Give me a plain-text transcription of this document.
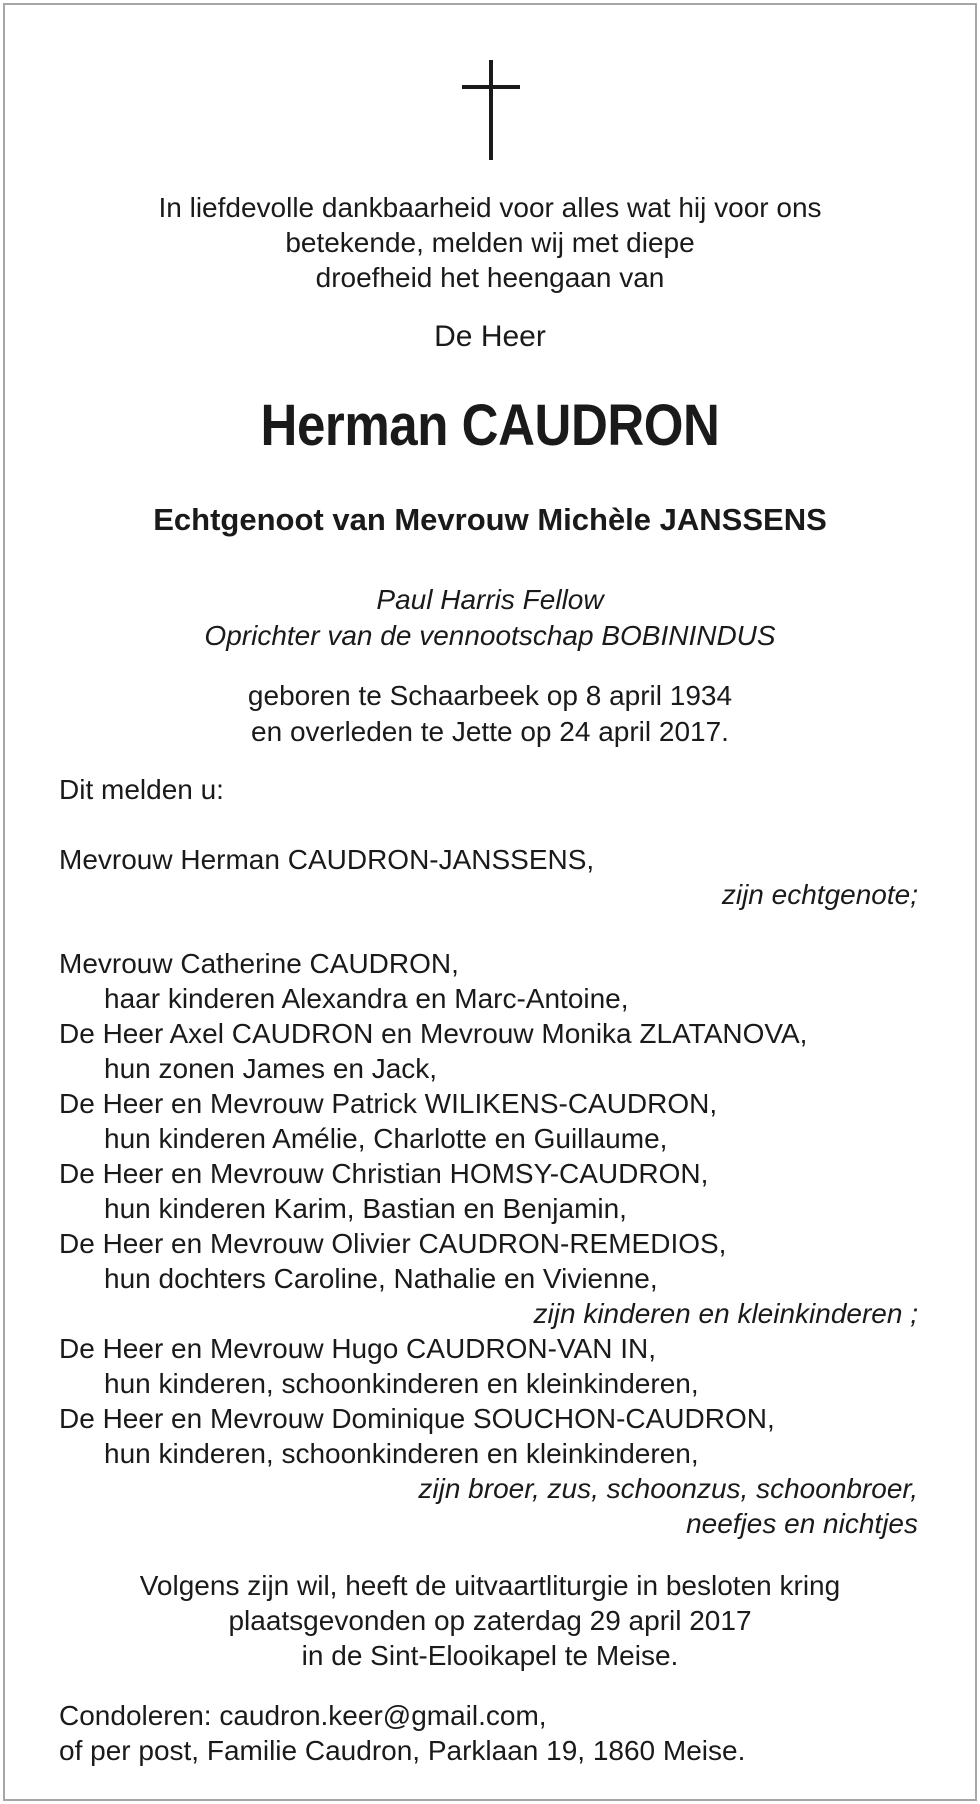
In liefdevolle dankbaarheid voor alles wat hij voor ons
betekende, melden wij met diepe
droefheid het heengaan van
De Heer
Herman CAUDRON
Echtgenoot van Mevrouw Michèle JANSSENS
Paul Harris Fellow
Oprichter van de vennootschap BOBININDUS
geboren te Schaarbeek op 8 april 1934
en overleden te Jette op 24 april 2017.
Dit melden u:
Mevrouw Herman CAUDRON-JANSSENS,
zijn echtgenote;
Mevrouw Catherine CAUDRON,
haar kinderen Alexandra en Marc-Antoine,
De Heer Axel CAUDRON en Mevrouw Monika ZLATANOVA,
hun zonen James en Jack,
De Heer en Mevrouw Patrick WILIKENS-CAUDRON,
hun kinderen Amélie, Charlotte en Guillaume,
De Heer en Mevrouw Christian HOMSY-CAUDRON,
hun kinderen Karim, Bastian en Benjamin,
De Heer en Mevrouw Olivier CAUDRON-REMEDIOS,
hun dochters Caroline, Nathalie en Vivienne,
zijn kinderen en kleinkinderen ;
De Heer en Mevrouw Hugo CAUDRON-VAN IN,
hun kinderen, schoonkinderen en kleinkinderen,
De Heer en Mevrouw Dominique SOUCHON-CAUDRON,
hun kinderen, schoonkinderen en kleinkinderen,
zijn broer, zus, schoonzus, schoonbroer,
neefjes en nichtjes
Volgens zijn wil, heeft de uitvaartliturgie in besloten kring
plaatsgevonden op zaterdag 29 april 2017
in de Sint-Elooikapel te Meise.
Condoleren: caudron.keer@gmail.com,
of per post, Familie Caudron, Parklaan 19, 1860 Meise.
